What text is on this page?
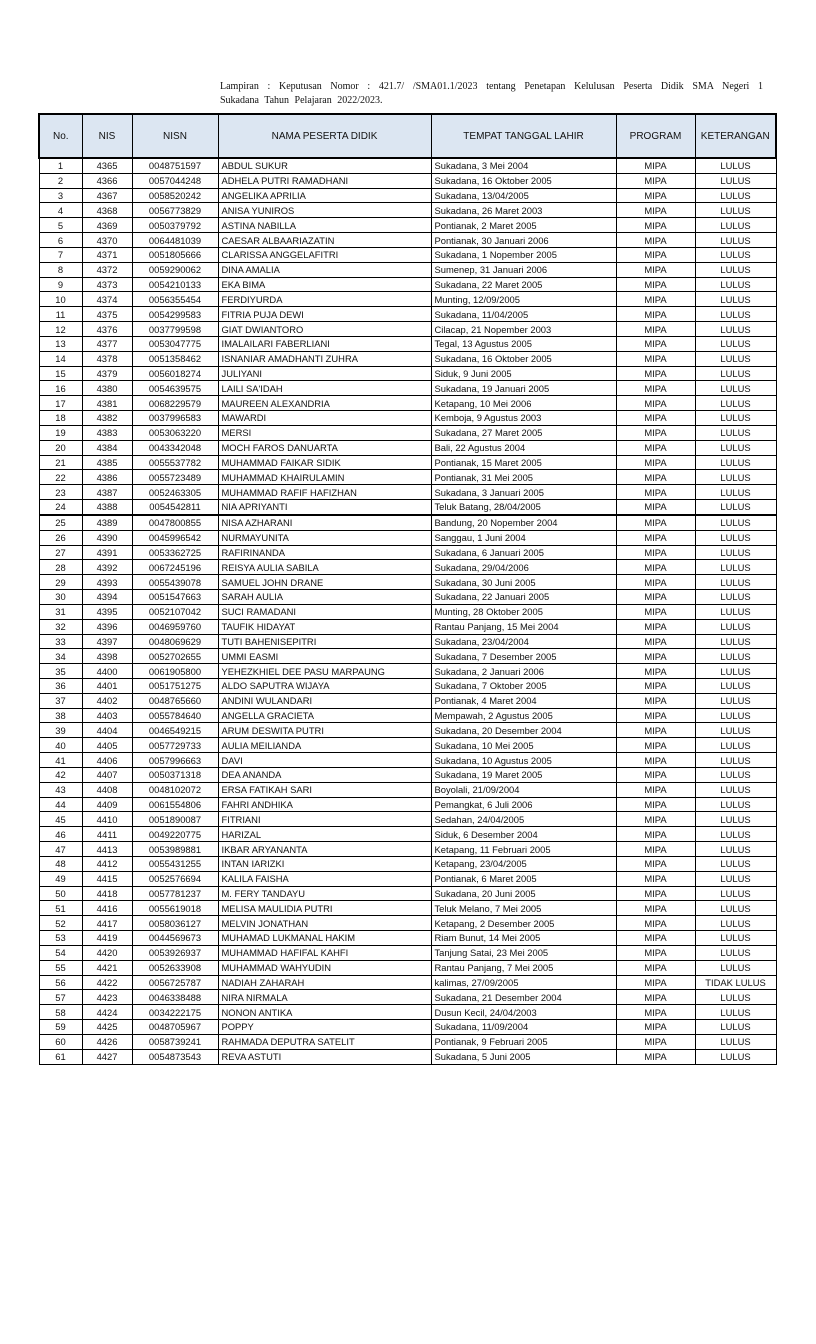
Lampiran : Keputusan Nomor : 421.7/ /SMA01.1/2023 tentang Penetapan Kelulusan Peserta Didik SMA Negeri 1
Sukadana Tahun Pelajaran 2022/2023.
No.	NIS	NISN	NAMA PESERTA DIDIK	TEMPAT TANGGAL LAHIR	PROGRAM	KETERANGAN
1	4365	0048751597	ABDUL SUKUR	Sukadana, 3 Mei 2004	MIPA	LULUS
2	4366	0057044248	ADHELA PUTRI RAMADHANI	Sukadana, 16 Oktober 2005	MIPA	LULUS
3	4367	0058520242	ANGELIKA APRILIA	Sukadana, 13/04/2005	MIPA	LULUS
4	4368	0056773829	ANISA YUNIROS	Sukadana, 26 Maret 2003	MIPA	LULUS
5	4369	0050379792	ASTINA NABILLA	Pontianak, 2 Maret 2005	MIPA	LULUS
6	4370	0064481039	CAESAR ALBAARIAZATIN	Pontianak, 30 Januari 2006	MIPA	LULUS
7	4371	0051805666	CLARISSA ANGGELAFITRI	Sukadana, 1 Nopember 2005	MIPA	LULUS
8	4372	0059290062	DINA AMALIA	Sumenep, 31 Januari 2006	MIPA	LULUS
9	4373	0054210133	EKA BIMA	Sukadana, 22 Maret 2005	MIPA	LULUS
10	4374	0056355454	FERDIYURDA	Munting, 12/09/2005	MIPA	LULUS
11	4375	0054299583	FITRIA PUJA DEWI	Sukadana, 11/04/2005	MIPA	LULUS
12	4376	0037799598	GIAT DWIANTORO	Cilacap, 21 Nopember 2003	MIPA	LULUS
13	4377	0053047775	IMALAILARI FABERLIANI	Tegal, 13 Agustus 2005	MIPA	LULUS
14	4378	0051358462	ISNANIAR AMADHANTI ZUHRA	Sukadana, 16 Oktober 2005	MIPA	LULUS
15	4379	0056018274	JULIYANI	Siduk, 9 Juni 2005	MIPA	LULUS
16	4380	0054639575	LAILI SA'IDAH	Sukadana, 19 Januari 2005	MIPA	LULUS
17	4381	0068229579	MAUREEN ALEXANDRIA	Ketapang, 10 Mei 2006	MIPA	LULUS
18	4382	0037996583	MAWARDI	Kemboja, 9 Agustus 2003	MIPA	LULUS
19	4383	0053063220	MERSI	Sukadana, 27 Maret 2005	MIPA	LULUS
20	4384	0043342048	MOCH FAROS DANUARTA	Bali, 22 Agustus 2004	MIPA	LULUS
21	4385	0055537782	MUHAMMAD FAIKAR SIDIK	Pontianak, 15 Maret 2005	MIPA	LULUS
22	4386	0055723489	MUHAMMAD KHAIRULAMIN	Pontianak, 31 Mei 2005	MIPA	LULUS
23	4387	0052463305	MUHAMMAD RAFIF HAFIZHAN	Sukadana, 3 Januari 2005	MIPA	LULUS
24	4388	0054542811	NIA APRIYANTI	Teluk Batang, 28/04/2005	MIPA	LULUS
25	4389	0047800855	NISA AZHARANI	Bandung, 20 Nopember 2004	MIPA	LULUS
26	4390	0045996542	NURMAYUNITA	Sanggau, 1 Juni 2004	MIPA	LULUS
27	4391	0053362725	RAFIRINANDA	Sukadana, 6 Januari 2005	MIPA	LULUS
28	4392	0067245196	REISYA AULIA SABILA	Sukadana, 29/04/2006	MIPA	LULUS
29	4393	0055439078	SAMUEL JOHN DRANE	Sukadana, 30 Juni 2005	MIPA	LULUS
30	4394	0051547663	SARAH AULIA	Sukadana, 22 Januari 2005	MIPA	LULUS
31	4395	0052107042	SUCI RAMADANI	Munting, 28 Oktober 2005	MIPA	LULUS
32	4396	0046959760	TAUFIK HIDAYAT	Rantau Panjang, 15 Mei 2004	MIPA	LULUS
33	4397	0048069629	TUTI BAHENISEPITRI	Sukadana, 23/04/2004	MIPA	LULUS
34	4398	0052702655	UMMI EASMI	Sukadana, 7 Desember 2005	MIPA	LULUS
35	4400	0061905800	YEHEZKHIEL DEE PASU MARPAUNG	Sukadana, 2 Januari 2006	MIPA	LULUS
36	4401	0051751275	ALDO SAPUTRA WIJAYA	Sukadana, 7 Oktober 2005	MIPA	LULUS
37	4402	0048765660	ANDINI WULANDARI	Pontianak, 4 Maret 2004	MIPA	LULUS
38	4403	0055784640	ANGELLA GRACIETA	Mempawah, 2 Agustus 2005	MIPA	LULUS
39	4404	0046549215	ARUM DESWITA PUTRI	Sukadana, 20 Desember 2004	MIPA	LULUS
40	4405	0057729733	AULIA MEILIANDA	Sukadana, 10 Mei 2005	MIPA	LULUS
41	4406	0057996663	DAVI	Sukadana, 10 Agustus 2005	MIPA	LULUS
42	4407	0050371318	DEA ANANDA	Sukadana, 19 Maret 2005	MIPA	LULUS
43	4408	0048102072	ERSA FATIKAH SARI	Boyolali, 21/09/2004	MIPA	LULUS
44	4409	0061554806	FAHRI ANDHIKA	Pemangkat, 6 Juli 2006	MIPA	LULUS
45	4410	0051890087	FITRIANI	Sedahan, 24/04/2005	MIPA	LULUS
46	4411	0049220775	HARIZAL	Siduk, 6 Desember 2004	MIPA	LULUS
47	4413	0053989881	IKBAR ARYANANTA	Ketapang, 11 Februari 2005	MIPA	LULUS
48	4412	0055431255	INTAN IARIZKI	Ketapang, 23/04/2005	MIPA	LULUS
49	4415	0052576694	KALILA FAISHA	Pontianak, 6 Maret 2005	MIPA	LULUS
50	4418	0057781237	M. FERY TANDAYU	Sukadana, 20 Juni 2005	MIPA	LULUS
51	4416	0055619018	MELISA MAULIDIA PUTRI	Teluk Melano, 7 Mei 2005	MIPA	LULUS
52	4417	0058036127	MELVIN JONATHAN	Ketapang, 2 Desember 2005	MIPA	LULUS
53	4419	0044569673	MUHAMAD LUKMANAL HAKIM	Riam Bunut, 14 Mei 2005	MIPA	LULUS
54	4420	0053926937	MUHAMMAD HAFIFAL KAHFI	Tanjung Satai, 23 Mei 2005	MIPA	LULUS
55	4421	0052633908	MUHAMMAD WAHYUDIN	Rantau Panjang, 7 Mei 2005	MIPA	LULUS
56	4422	0056725787	NADIAH ZAHARAH	kalimas, 27/09/2005	MIPA	TIDAK LULUS
57	4423	0046338488	NIRA NIRMALA	Sukadana, 21 Desember 2004	MIPA	LULUS
58	4424	0034222175	NONON ANTIKA	Dusun Kecil, 24/04/2003	MIPA	LULUS
59	4425	0048705967	POPPY	Sukadana, 11/09/2004	MIPA	LULUS
60	4426	0058739241	RAHMADA DEPUTRA SATELIT	Pontianak, 9 Februari 2005	MIPA	LULUS
61	4427	0054873543	REVA ASTUTI	Sukadana, 5 Juni 2005	MIPA	LULUS
